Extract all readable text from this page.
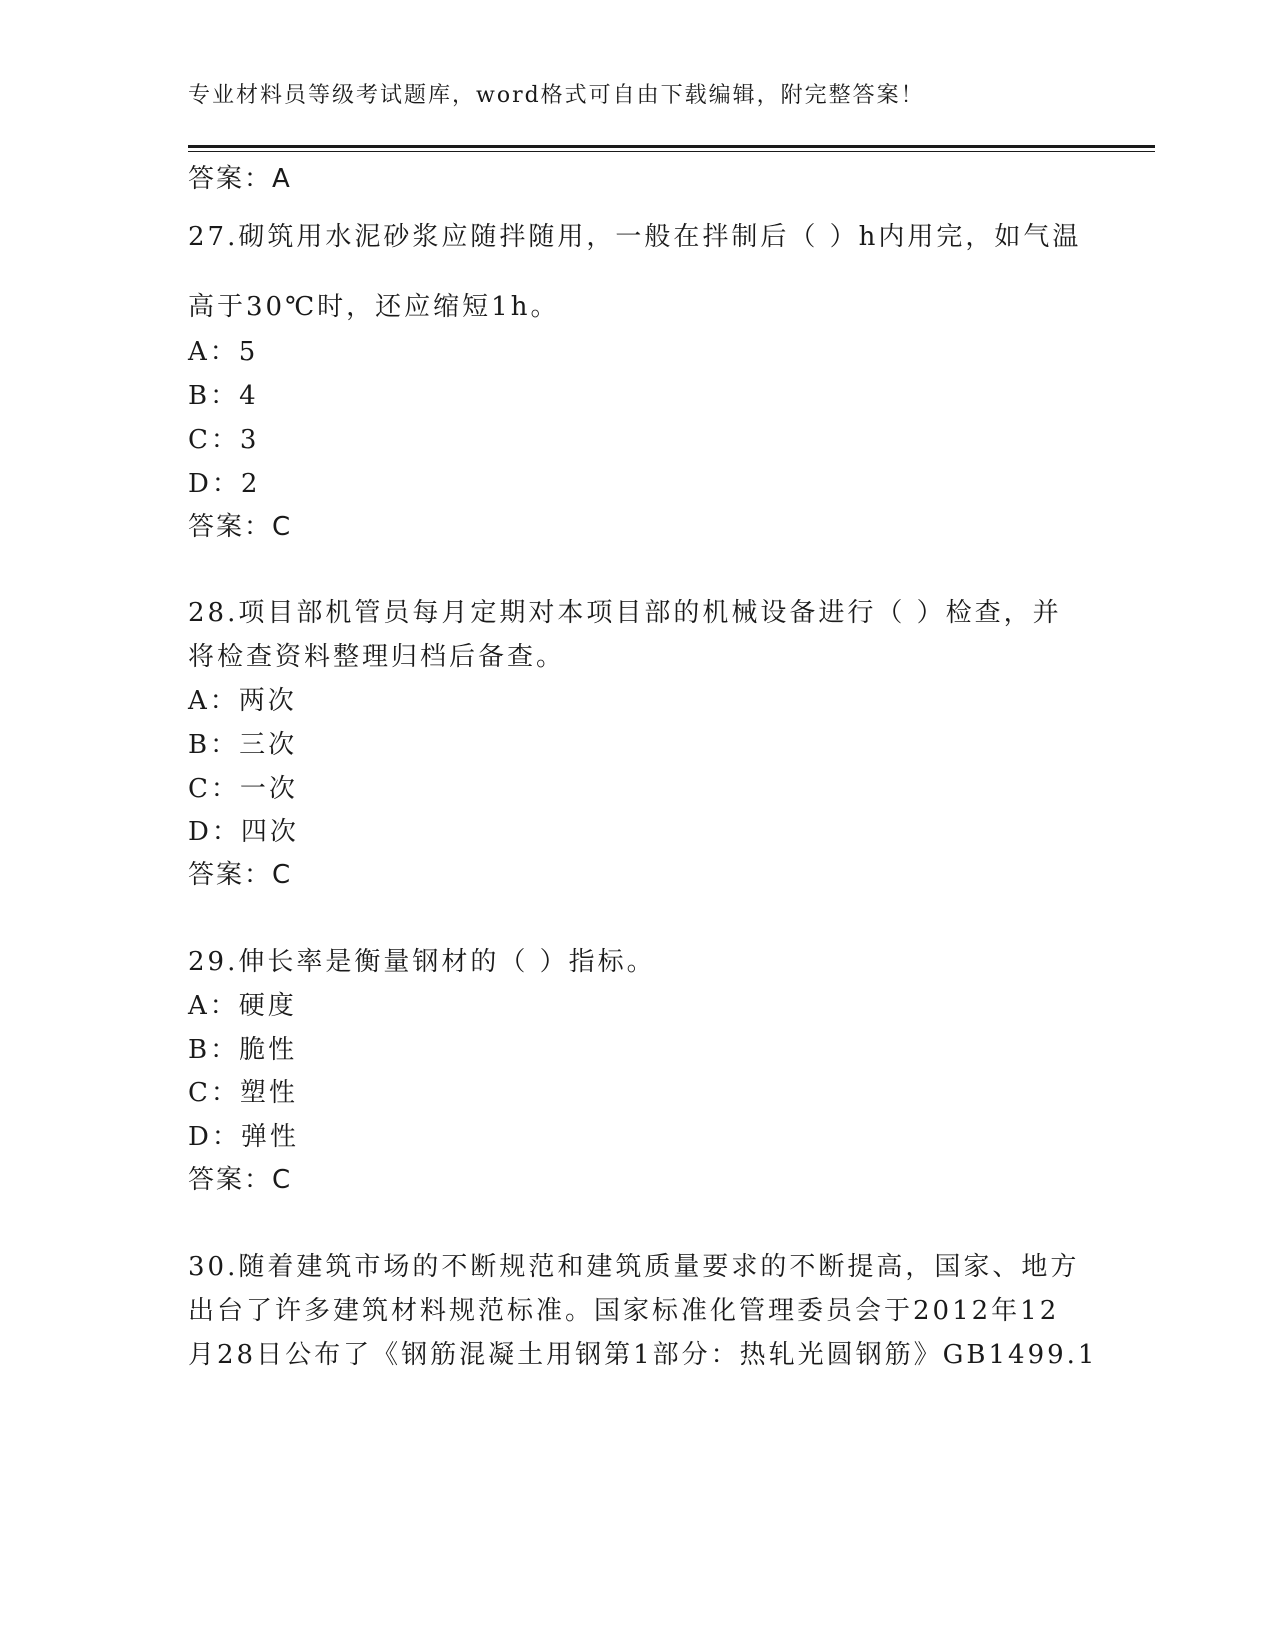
专业材料员等级考试题库，word格式可自由下载编辑，附完整答案！
答案：A
27.砌筑用水泥砂浆应随拌随用，一般在拌制后（ ）h内用完，如气温
高于30℃时，还应缩短1h。
A：5
B：4
C：3
D：2
答案：C
28.项目部机管员每月定期对本项目部的机械设备进行（ ）检查，并
将检查资料整理归档后备查。
A：两次
B：三次
C：一次
D：四次
答案：C
29.伸长率是衡量钢材的（ ）指标。
A：硬度
B：脆性
C：塑性
D：弹性
答案：C
30.随着建筑市场的不断规范和建筑质量要求的不断提高，国家、地方
出台了许多建筑材料规范标准。国家标准化管理委员会于2012年12
月28日公布了《钢筋混凝土用钢第1部分：热轧光圆钢筋》GB1499.1
